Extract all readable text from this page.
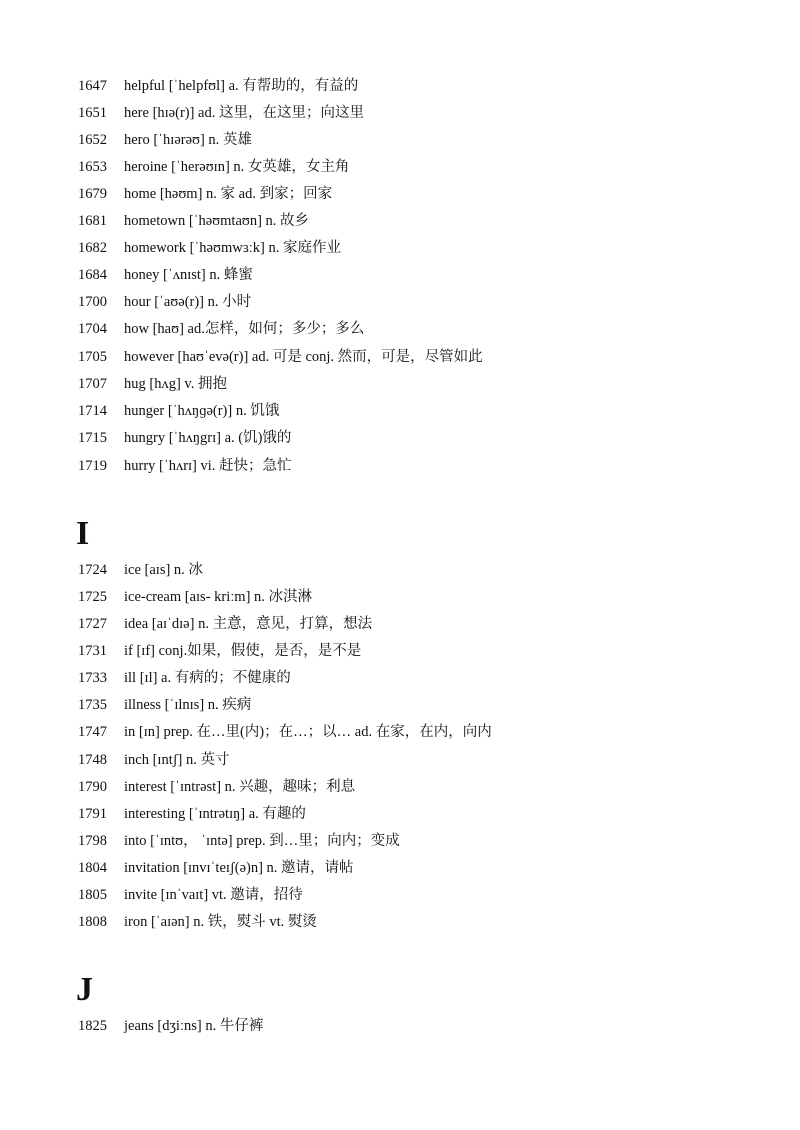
1647 helpful [ˈhelpfʊl] a. 有帮助的，有益的
1651 here [hɪə(r)] ad. 这里，在这里；向这里
1652 hero [ˈhɪərəʊ] n. 英雄
1653 heroine [ˈherəʊɪn] n. 女英雄，女主角
1679 home [həʊm] n. 家 ad. 到家；回家
1681 hometown [ˈhəʊmtaʊn] n. 故乡
1682 homework [ˈhəʊmwɜːk] n. 家庭作业
1684 honey [ˈʌnɪst] n. 蜂蜜
1700 hour [ˈaʊə(r)] n. 小时
1704 how [haʊ] ad.怎样，如何；多少；多么
1705 however [haʊˈevə(r)] ad. 可是 conj. 然而，可是，尽管如此
1707 hug [hʌg] v. 拥抱
1714 hunger [ˈhʌŋɡə(r)] n. 饥饿
1715 hungry [ˈhʌŋgrɪ] a. (饥)饿的
1719 hurry [ˈhʌrɪ] vi. 赶快；急忙
I
1724 ice [aɪs] n. 冰
1725 ice-cream [aɪs- kriːm] n. 冰淇淋
1727 idea [aɪˈdɪə] n. 主意，意见，打算，想法
1731 if [ɪf] conj.如果，假使，是否，是不是
1733 ill [ɪl] a. 有病的；不健康的
1735 illness [ˈɪlnɪs] n. 疾病
1747 in [ɪn] prep. 在…里(内)；在…；以… ad. 在家，在内，向内
1748 inch [ɪntʃ] n. 英寸
1790 interest [ˈɪntrəst] n. 兴趣，趣味；利息
1791 interesting [ˈɪntrətɪŋ] a. 有趣的
1798 into [ˈɪntʊ， ˈɪntə] prep. 到…里；向内；变成
1804 invitation [ɪnvɪˈteɪʃ(ə)n] n. 邀请，请帖
1805 invite [ɪnˈvaɪt] vt. 邀请，招待
1808 iron [ˈaɪən] n. 铁，熨斗 vt. 熨烫
J
1825 jeans [dʒiːns] n. 牛仔裤
